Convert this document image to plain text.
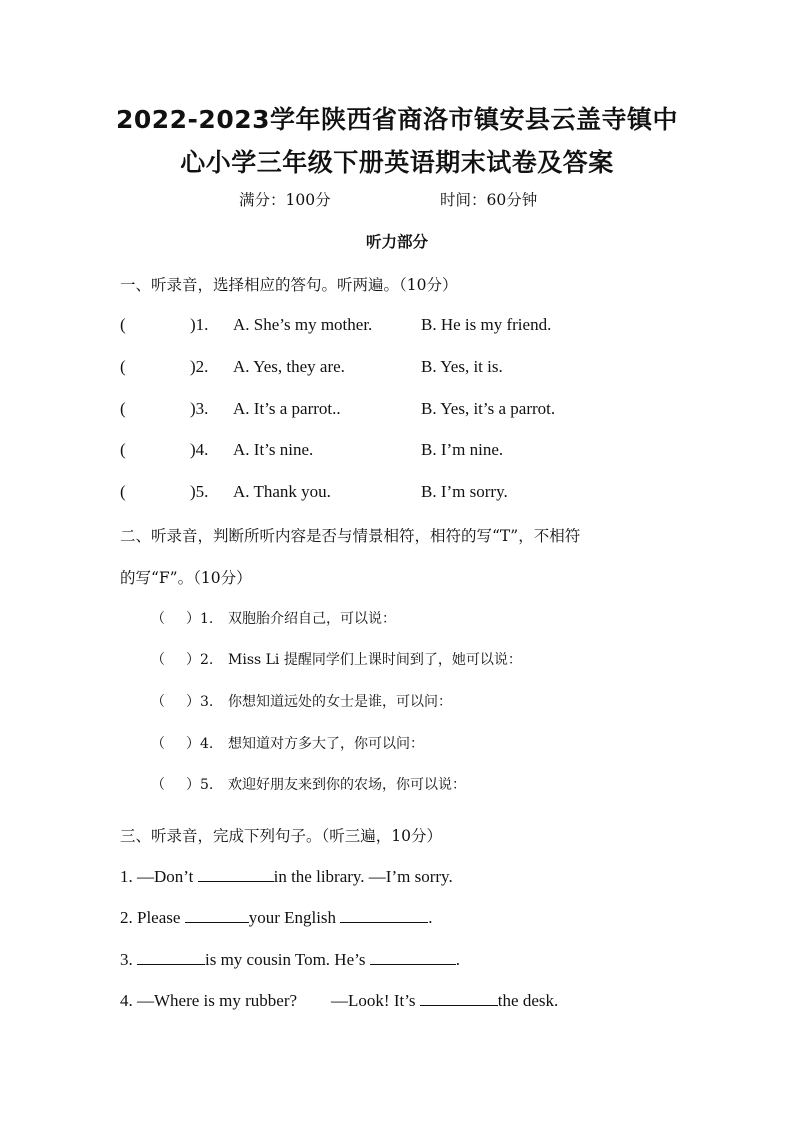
2022-2023学年陕西省商洛市镇安县云盖寺镇中
心小学三年级下册英语期末试卷及答案
满分：100分	时间：60分钟
听力部分
一、听录音，选择相应的答句。听两遍。（10分）
(	)1. A. She’s my mother.	B. He is my friend.
(	)2. A. Yes, they are.	B. Yes, it is.
(	)3. A. It’s a parrot..	B. Yes, it’s a parrot.
(	)4. A. It’s nine.	B. I’m nine.
(	)5. A. Thank you.	B. I’m sorry.
二、听录音，判断所听内容是否与情景相符，相符的写“T”，不相符
的写“F”。（10分）
（ ）1. 双胞胎介绍自己，可以说：
（ ）2. Miss Li 提醒同学们上课时间到了，她可以说：
（ ）3. 你想知道远处的女士是谁，可以问：
（ ）4. 想知道对方多大了，你可以问：
（ ）5. 欢迎好朋友来到你的农场，你可以说：
三、听录音，完成下列句子。（听三遍，10分）
1. —Don’t	in the library. —I’m sorry.
2. Please	your English	.
3.	is my cousin Tom. He’s	.
4. —Where is my rubber?        —Look! It’s	the desk.
